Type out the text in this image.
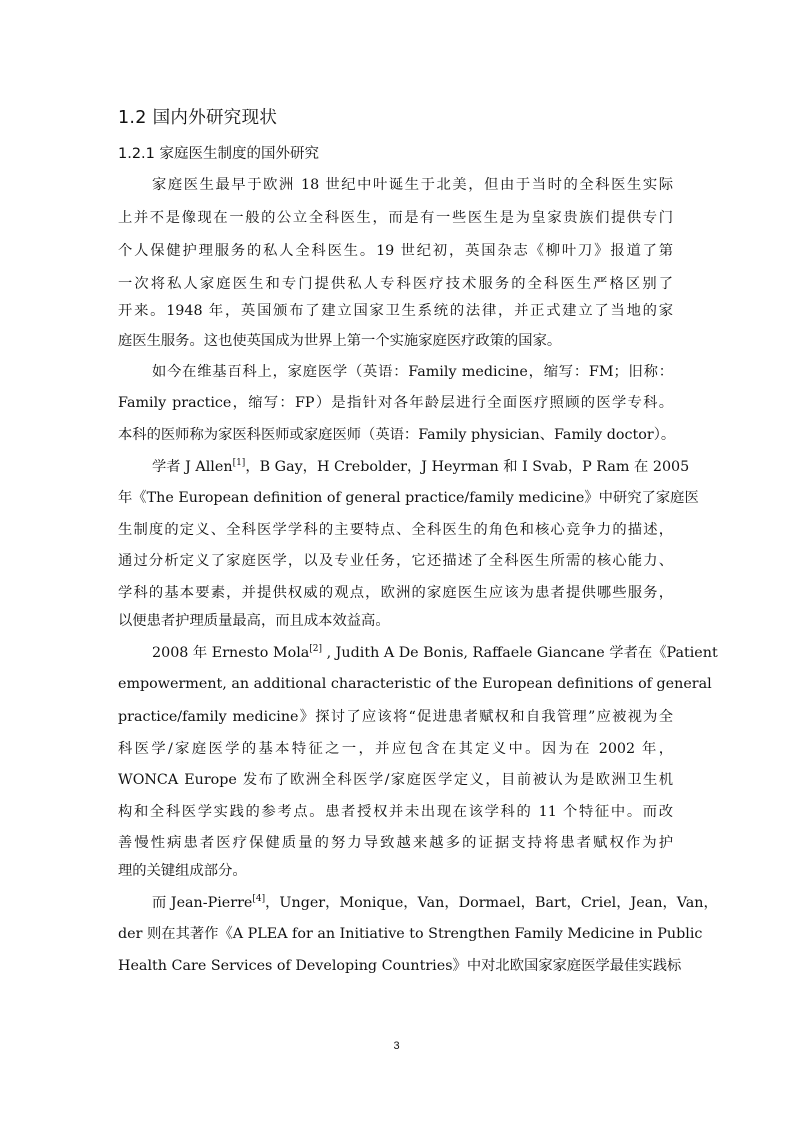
1.2 国内外研究现状
1.2.1 家庭医生制度的国外研究
家庭医生最早于欧洲 18 世纪中叶诞生于北美，但由于当时的全科医生实际
上并不是像现在一般的公立全科医生，而是有一些医生是为皇家贵族们提供专门
个人保健护理服务的私人全科医生。19 世纪初，英国杂志《柳叶刀》报道了第
一次将私人家庭医生和专门提供私人专科医疗技术服务的全科医生严格区别了
开来。1948 年，英国颁布了建立国家卫生系统的法律，并正式建立了当地的家
庭医生服务。这也使英国成为世界上第一个实施家庭医疗政策的国家。
如今在维基百科上，家庭医学（英语：Family medicine，缩写：FM；旧称：
Family practice，缩写：FP）是指针对各年龄层进行全面医疗照顾的医学专科。
本科的医师称为家医科医师或家庭医师（英语：Family physician、Family doctor）。
学者 J Allen[1]，B Gay，H Crebolder，J Heyrman 和 I Svab，P Ram 在 2005
年《The European definition of general practice/family medicine》中研究了家庭医
生制度的定义、全科医学学科的主要特点、全科医生的角色和核心竞争力的描述，
通过分析定义了家庭医学，以及专业任务，它还描述了全科医生所需的核心能力、
学科的基本要素，并提供权威的观点，欧洲的家庭医生应该为患者提供哪些服务，
以便患者护理质量最高，而且成本效益高。
2008 年 Ernesto Mola[2] , Judith A De Bonis, Raffaele Giancane 学者在《Patient
empowerment, an additional characteristic of the European definitions of general
practice/family medicine》探讨了应该将“促进患者赋权和自我管理”应被视为全
科医学/家庭医学的基本特征之一，并应包含在其定义中。因为在 2002 年，
WONCA Europe 发布了欧洲全科医学/家庭医学定义，目前被认为是欧洲卫生机
构和全科医学实践的参考点。患者授权并未出现在该学科的 11 个特征中。而改
善慢性病患者医疗保健质量的努力导致越来越多的证据支持将患者赋权作为护
理的关键组成部分。
而 Jean-Pierre[4]，Unger，Monique，Van，Dormael，Bart，Criel，Jean，Van，
der 则在其著作《A PLEA for an Initiative to Strengthen Family Medicine in Public
Health Care Services of Developing Countries》中对北欧国家家庭医学最佳实践标
3
